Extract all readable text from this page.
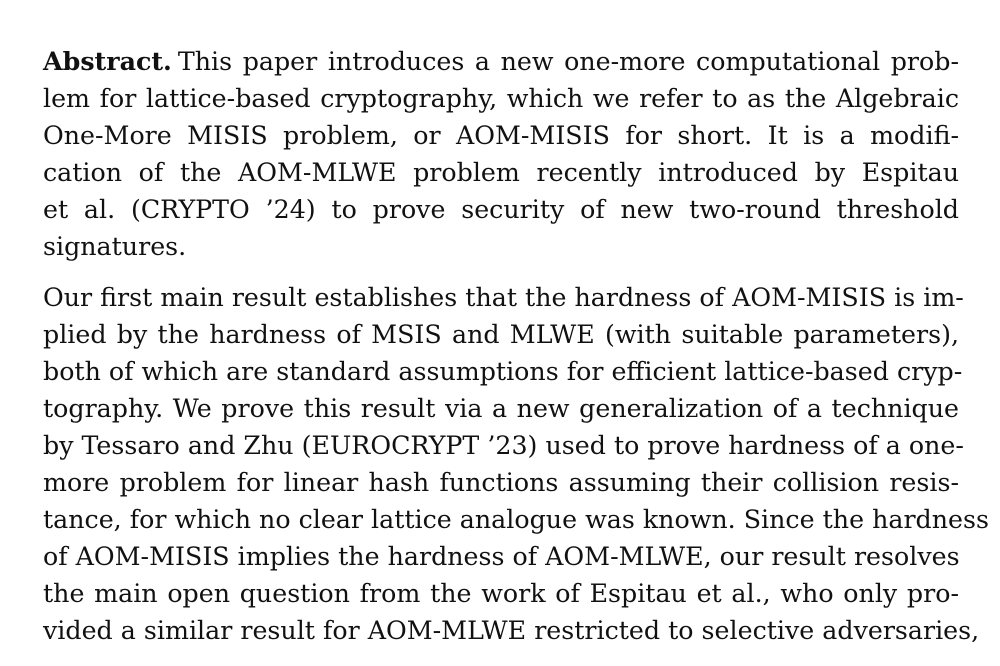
Abstract. This paper introduces a new one-more computational prob-
lem for lattice-based cryptography, which we refer to as the Algebraic
One-More MISIS problem, or AOM-MISIS for short. It is a modifi-
cation of the AOM-MLWE problem recently introduced by Espitau
et al. (CRYPTO ’24) to prove security of new two-round threshold
signatures.
Our first main result establishes that the hardness of AOM-MISIS is im-
plied by the hardness of MSIS and MLWE (with suitable parameters),
both of which are standard assumptions for efficient lattice-based cryp-
tography. We prove this result via a new generalization of a technique
by Tessaro and Zhu (EUROCRYPT ’23) used to prove hardness of a one-
more problem for linear hash functions assuming their collision resis-
tance, for which no clear lattice analogue was known. Since the hardness
of AOM-MISIS implies the hardness of AOM-MLWE, our result resolves
the main open question from the work of Espitau et al., who only pro-
vided a similar result for AOM-MLWE restricted to selective adversaries,
